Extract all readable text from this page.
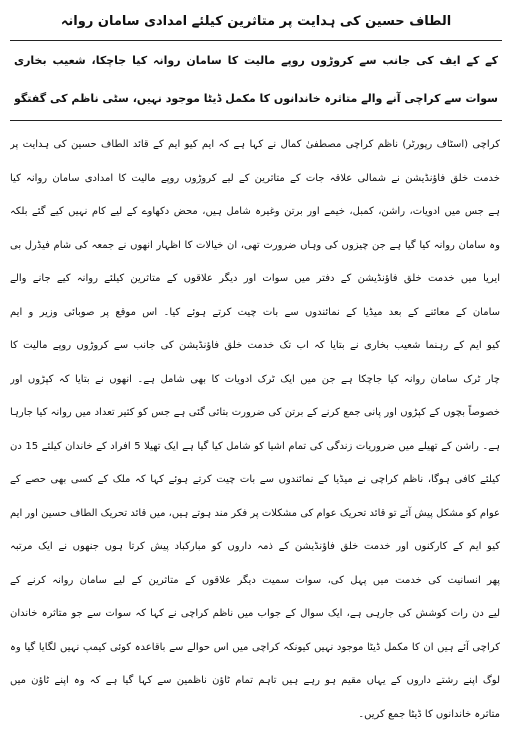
الطاف حسین کی ہدایت پر متاثرین کیلئے امدادی سامان روانہ
کے کے ایف کی جانب سے کروڑوں روپے مالیت کا سامان روانہ کیا جاچکا، شعیب بخاری
سوات سے کراچی آنے والے متاثرہ خاندانوں کا مکمل ڈیٹا موجود نہیں، سٹی ناظم کی گفتگو
کراچی (اسٹاف رپورٹر) ناظم کراچی مصطفیٰ کمال نے کہا ہے کہ ایم کیو ایم کے قائد الطاف حسین کی ہدایت پر
خدمت خلق فاؤنڈیشن نے شمالی علاقہ جات کے متاثرین کے لیے کروڑوں روپے مالیت کا امدادی سامان روانہ کیا
ہے جس میں ادویات، راشن، کمبل، خیمے اور برتن وغیرہ شامل ہیں، محض دکھاوے کے لیے کام نہیں کیے گئے بلکہ
وہ سامان روانہ کیا گیا ہے جن چیزوں کی وہاں ضرورت تھی، ان خیالات کا اظہار انھوں نے جمعہ کی شام فیڈرل بی
ایریا میں خدمت خلق فاؤنڈیشن کے دفتر میں سوات اور دیگر علاقوں کے متاثرین کیلئے روانہ کیے جانے والے
سامان کے معائنے کے بعد میڈیا کے نمائندوں سے بات چیت کرتے ہوئے کیا۔ اس موقع پر صوبائی وزیر و ایم
کیو ایم کے رہنما شعیب بخاری نے بتایا کہ اب تک خدمت خلق فاؤنڈیشن کی جانب سے کروڑوں روپے مالیت کا
چار ٹرک سامان روانہ کیا جاچکا ہے جن میں ایک ٹرک ادویات کا بھی شامل ہے۔ انھوں نے بتایا کہ کپڑوں اور
خصوصاً بچوں کے کپڑوں اور پانی جمع کرنے کے برتن کی ضرورت بتائی گئی ہے جس کو کثیر تعداد میں روانہ کیا جارہا
ہے۔ راشن کے تھیلے میں ضروریات زندگی کی تمام اشیا کو شامل کیا گیا ہے ایک تھیلا 5 افراد کے خاندان کیلئے 15 دن
کیلئے کافی ہوگا، ناظم کراچی نے میڈیا کے نمائندوں سے بات چیت کرتے ہوئے کہا کہ ملک کے کسی بھی حصے کے
عوام کو مشکل پیش آئے تو قائد تحریک عوام کی مشکلات پر فکر مند ہوتے ہیں، میں قائد تحریک الطاف حسین اور ایم
کیو ایم کے کارکنوں اور خدمت خلق فاؤنڈیشن کے ذمہ داروں کو مبارکباد پیش کرتا ہوں جنھوں نے ایک مرتبہ
پھر انسانیت کی خدمت میں پہل کی، سوات سمیت دیگر علاقوں کے متاثرین کے لیے سامان روانہ کرنے کے
لیے دن رات کوشش کی جارہی ہے، ایک سوال کے جواب میں ناظم کراچی نے کہا کہ سوات سے جو متاثرہ خاندان
کراچی آئے ہیں ان کا مکمل ڈیٹا موجود نہیں کیونکہ کراچی میں اس حوالے سے باقاعدہ کوئی کیمپ نہیں لگایا گیا وہ
لوگ اپنے رشتے داروں کے یہاں مقیم ہو رہے ہیں تاہم تمام ٹاؤن ناظمین سے کہا گیا ہے کہ وہ اپنے ٹاؤن میں
متاثرہ خاندانوں کا ڈیٹا جمع کریں۔
